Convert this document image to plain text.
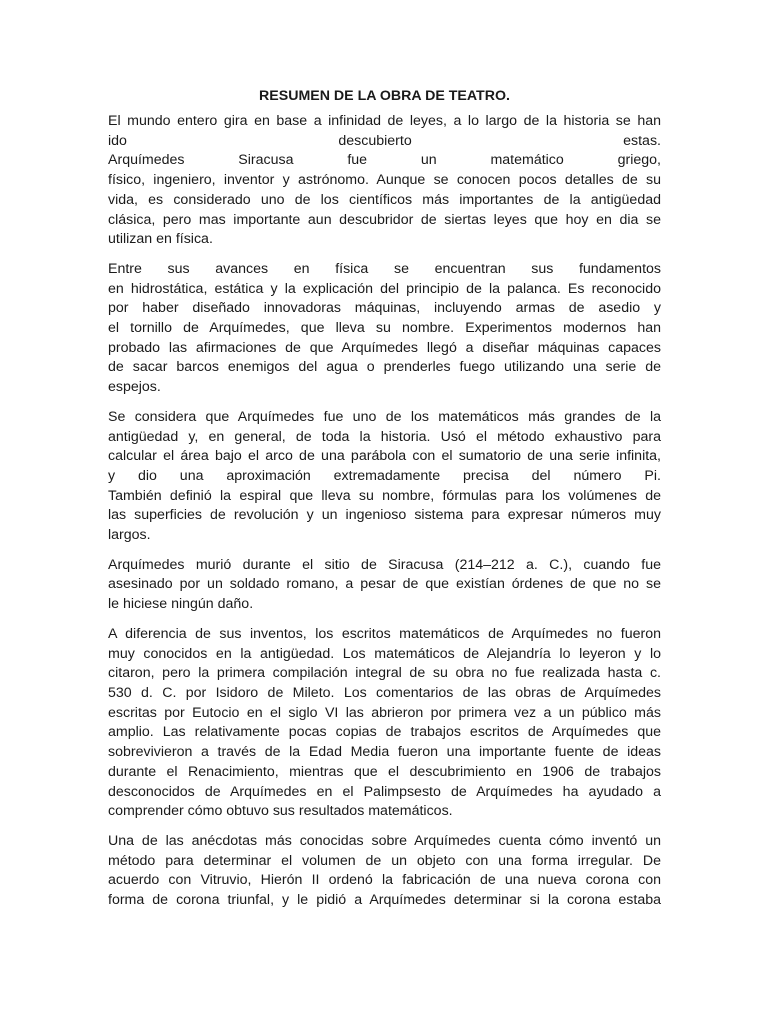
RESUMEN DE LA OBRA DE TEATRO.
El mundo entero gira en base a infinidad de leyes, a lo largo de la historia se han
ido descubierto estas.
Arquímedes Siracusa fue un matemático griego,
físico, ingeniero, inventor y astrónomo. Aunque se conocen pocos detalles de su
vida, es considerado uno de los científicos más importantes de la antigüedad
clásica, pero mas importante aun descubridor de siertas leyes que hoy en dia se
utilizan en física.
Entre sus avances en física se encuentran sus fundamentos
en hidrostática, estática y la explicación del principio de la palanca. Es reconocido
por haber diseñado innovadoras máquinas, incluyendo armas de asedio y
el tornillo de Arquímedes, que lleva su nombre. Experimentos modernos han
probado las afirmaciones de que Arquímedes llegó a diseñar máquinas capaces
de sacar barcos enemigos del agua o prenderles fuego utilizando una serie de
espejos.
Se considera que Arquímedes fue uno de los matemáticos más grandes de la
antigüedad y, en general, de toda la historia. Usó el método exhaustivo para
calcular el área bajo el arco de una parábola con el sumatorio de una serie infinita,
y dio una aproximación extremadamente precisa del número Pi.
También definió la espiral que lleva su nombre, fórmulas para los volúmenes de
las superficies de revolución y un ingenioso sistema para expresar números muy
largos.
Arquímedes murió durante el sitio de Siracusa (214–212 a. C.), cuando fue
asesinado por un soldado romano, a pesar de que existían órdenes de que no se
le hiciese ningún daño.
A diferencia de sus inventos, los escritos matemáticos de Arquímedes no fueron
muy conocidos en la antigüedad. Los matemáticos de Alejandría lo leyeron y lo
citaron, pero la primera compilación integral de su obra no fue realizada hasta c.
530 d. C. por Isidoro de Mileto. Los comentarios de las obras de Arquímedes
escritas por Eutocio en el siglo VI las abrieron por primera vez a un público más
amplio. Las relativamente pocas copias de trabajos escritos de Arquímedes que
sobrevivieron a través de la Edad Media fueron una importante fuente de ideas
durante el Renacimiento, mientras que el descubrimiento en 1906 de trabajos
desconocidos de Arquímedes en el Palimpsesto de Arquímedes ha ayudado a
comprender cómo obtuvo sus resultados matemáticos.
Una de las anécdotas más conocidas sobre Arquímedes cuenta cómo inventó un
método para determinar el volumen de un objeto con una forma irregular. De
acuerdo con Vitruvio, Hierón II ordenó la fabricación de una nueva corona con
forma de corona triunfal, y le pidió a Arquímedes determinar si la corona estaba
